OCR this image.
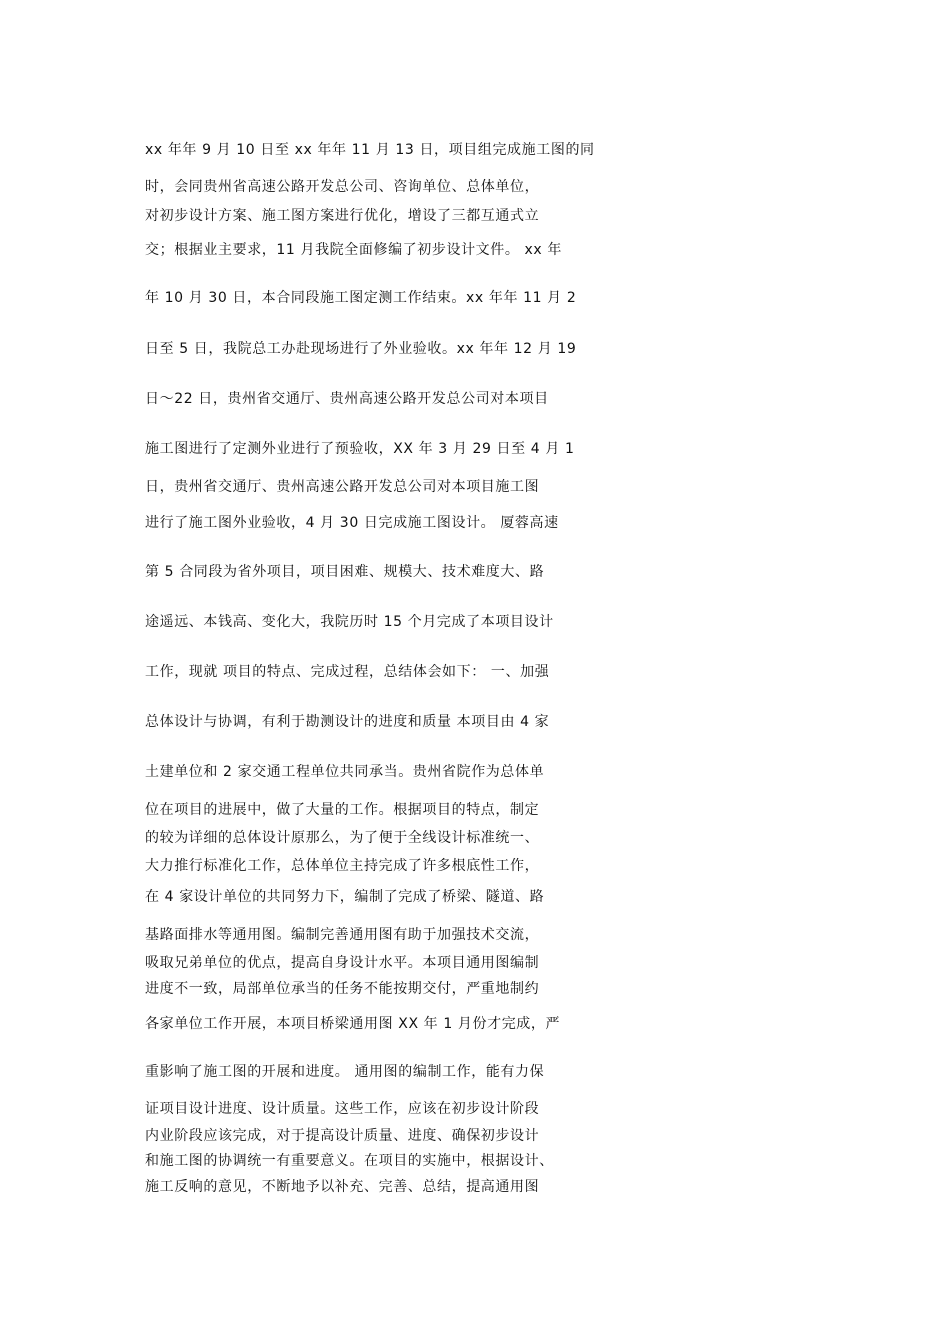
xx 年年 9 月 10 日至 xx 年年 11 月 13 日，项目组完成施工图的同
时，会同贵州省高速公路开发总公司、咨询单位、总体单位，
对初步设计方案、施工图方案进行优化，增设了三都互通式立
交；根据业主要求，11 月我院全面修编了初步设计文件。 xx 年
年 10 月 30 日，本合同段施工图定测工作结束。xx 年年 11 月 2
日至 5 日，我院总工办赴现场进行了外业验收。xx 年年 12 月 19
日～22 日，贵州省交通厅、贵州高速公路开发总公司对本项目
施工图进行了定测外业进行了预验收，XX 年 3 月 29 日至 4 月 1
日，贵州省交通厅、贵州高速公路开发总公司对本项目施工图
进行了施工图外业验收，4 月 30 日完成施工图设计。 厦蓉高速
第 5 合同段为省外项目，项目困难、规模大、技术难度大、路
途遥远、本钱高、变化大，我院历时 15 个月完成了本项目设计
工作，现就 项目的特点、完成过程，总结体会如下： 一、加强
总体设计与协调，有利于勘测设计的进度和质量 本项目由 4 家
土建单位和 2 家交通工程单位共同承当。贵州省院作为总体单
位在项目的进展中，做了大量的工作。根据项目的特点，制定
的较为详细的总体设计原那么，为了便于全线设计标准统一、
大力推行标准化工作，总体单位主持完成了许多根底性工作，
在 4 家设计单位的共同努力下，编制了完成了桥梁、隧道、路
基路面排水等通用图。编制完善通用图有助于加强技术交流，
吸取兄弟单位的优点，提高自身设计水平。本项目通用图编制
进度不一致，局部单位承当的任务不能按期交付，严重地制约
各家单位工作开展，本项目桥梁通用图 XX 年 1 月份才完成，严
重影响了施工图的开展和进度。 通用图的编制工作，能有力保
证项目设计进度、设计质量。这些工作，应该在初步设计阶段
内业阶段应该完成，对于提高设计质量、进度、确保初步设计
和施工图的协调统一有重要意义。在项目的实施中，根据设计、
施工反响的意见，不断地予以补充、完善、总结，提高通用图
